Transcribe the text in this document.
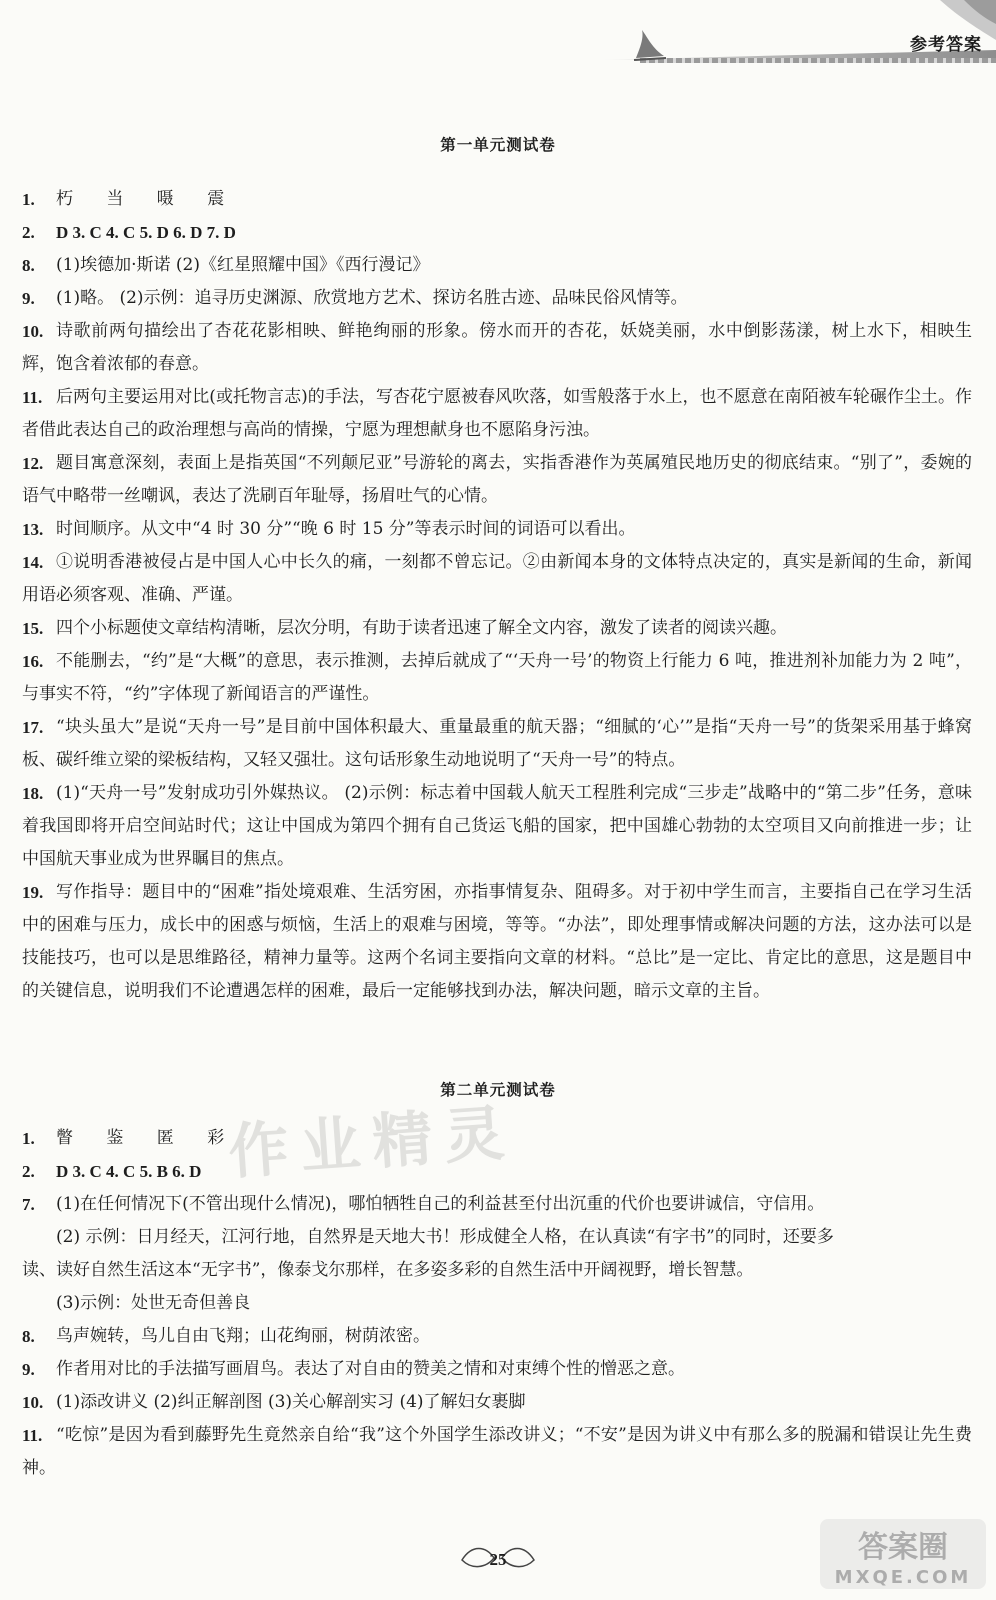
参考答案
第一单元测试卷
1.	朽 当 嗫 震
2.	D 3. C 4. C 5. D 6. D 7. D
8.	(1)埃德加·斯诺 (2)《红星照耀中国》《西行漫记》
9.	(1)略。 (2)示例：追寻历史渊源、欣赏地方艺术、探访名胜古迹、品味民俗风情等。
10. 诗歌前两句描绘出了杏花花影相映、鲜艳绚丽的形象。傍水而开的杏花，妖娆美丽，水中倒影荡漾，树上水下，相映生辉，饱含着浓郁的春意。
11. 后两句主要运用对比(或托物言志)的手法，写杏花宁愿被春风吹落，如雪般落于水上，也不愿意在南陌被车轮碾作尘土。作者借此表达自己的政治理想与高尚的情操，宁愿为理想献身也不愿陷身污浊。
12. 题目寓意深刻，表面上是指英国“不列颠尼亚”号游轮的离去，实指香港作为英属殖民地历史的彻底结束。“别了”，委婉的语气中略带一丝嘲讽，表达了洗刷百年耻辱，扬眉吐气的心情。
13. 时间顺序。从文中“4 时 30 分”“晚 6 时 15 分”等表示时间的词语可以看出。
14. ①说明香港被侵占是中国人心中长久的痛，一刻都不曾忘记。②由新闻本身的文体特点决定的，真实是新闻的生命，新闻用语必须客观、准确、严谨。
15. 四个小标题使文章结构清晰，层次分明，有助于读者迅速了解全文内容，激发了读者的阅读兴趣。
16. 不能删去，“约”是“大概”的意思，表示推测，去掉后就成了“‘天舟一号’的物资上行能力 6 吨，推进剂补加能力为 2 吨”，与事实不符，“约”字体现了新闻语言的严谨性。
17. “块头虽大”是说“天舟一号”是目前中国体积最大、重量最重的航天器；“细腻的‘心’”是指“天舟一号”的货架采用基于蜂窝板、碳纤维立梁的梁板结构，又轻又强壮。这句话形象生动地说明了“天舟一号”的特点。
18. (1)“天舟一号”发射成功引外媒热议。 (2)示例：标志着中国载人航天工程胜利完成“三步走”战略中的“第二步”任务，意味着我国即将开启空间站时代；这让中国成为第四个拥有自己货运飞船的国家，把中国雄心勃勃的太空项目又向前推进一步；让中国航天事业成为世界瞩目的焦点。
19. 写作指导：题目中的“困难”指处境艰难、生活穷困，亦指事情复杂、阻碍多。对于初中学生而言，主要指自己在学习生活中的困难与压力，成长中的困惑与烦恼，生活上的艰难与困境，等等。“办法”，即处理事情或解决问题的方法，这办法可以是技能技巧，也可以是思维路径，精神力量等。这两个名词主要指向文章的材料。“总比”是一定比、肯定比的意思，这是题目中的关键信息，说明我们不论遭遇怎样的困难，最后一定能够找到办法，解决问题，暗示文章的主旨。
第二单元测试卷
作业精灵
1.	瞥 鉴 匿 彩
2.	D 3. C 4. C 5. B 6. D
7.	(1)在任何情况下(不管出现什么情况)，哪怕牺牲自己的利益甚至付出沉重的代价也要讲诚信，守信用。
(2) 示例：日月经天，江河行地，自然界是天地大书！形成健全人格，在认真读“有字书”的同时，还要多
读、读好自然生活这本“无字书”，像泰戈尔那样，在多姿多彩的自然生活中开阔视野，增长智慧。
(3)示例：处世无奇但善良
8.	鸟声婉转，鸟儿自由飞翔；山花绚丽，树荫浓密。
9.	作者用对比的手法描写画眉鸟。表达了对自由的赞美之情和对束缚个性的憎恶之意。
10. (1)添改讲义 (2)纠正解剖图 (3)关心解剖实习 (4)了解妇女裹脚
11. “吃惊”是因为看到藤野先生竟然亲自给“我”这个外国学生添改讲义；“不安”是因为讲义中有那么多的脱漏和错误让先生费神。
25	答案圈
MXQE.COM
